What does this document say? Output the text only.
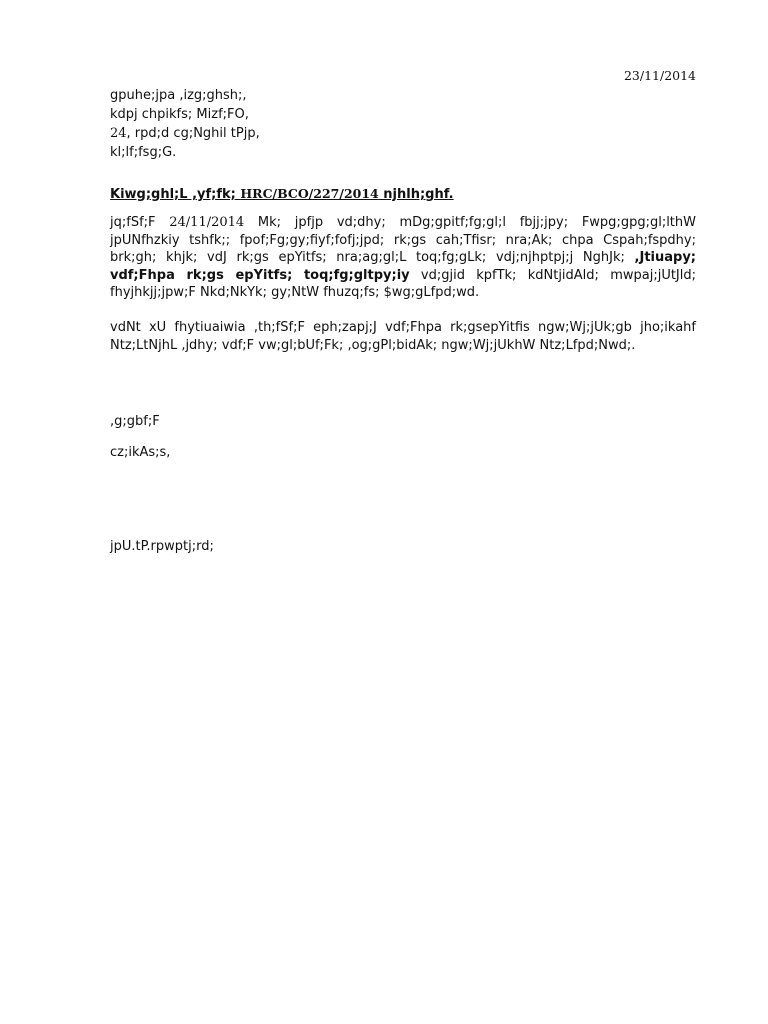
23/11/2014
gpuhe;jpa ,izg;ghsh;,
kdpj chpikfs; Mizf;FO,
24, rpd;d cg;Nghil tPjp,
kl;lf;fsg;G.
Kiwg;ghl;L ,yf;fk; HRC/BCO/227/2014 njhlh;ghf.
jq;fSf;F 24/11/2014 Mk; jpfjp vd;dhy; mDg;gpitf;fg;gl;l fbjj;jpy; Fwpg;gpg;gl;lthW jpUNfhzkiy tshfk;; fpof;Fg;gy;fiyf;fofj;jpd; rk;gs cah;Tfisr; nra;Ak; chpa Cspah;fspdhy; brk;gh; khjk; vdJ rk;gs epYitfs; nra;ag;gl;L toq;fg;gLk; vdj;njhptpj;j NghJk; ,Jtiuapy; vdf;Fhpa rk;gs epYitfs; toq;fg;gltpy;iy vd;gjid kpfTk; kdNtjidAld; mwpaj;jUtJld; fhyjhkjj;jpw;F Nkd;NkYk; gy;NtW fhuzq;fs; $wg;gLfpd;wd.
vdNt xU fhytiuaiwia ,th;fSf;F eph;zapj;J vdf;Fhpa rk;gsepYitfis ngw;Wj;jUk;gb jho;ikahf Ntz;LtNjhL ,jdhy; vdf;F vw;gl;bUf;Fk; ,og;gPl;bidAk; ngw;Wj;jUkhW Ntz;Lfpd;Nwd;.
,g;gbf;F
cz;ikAs;s,
jpU.tP.rpwptj;rd;
